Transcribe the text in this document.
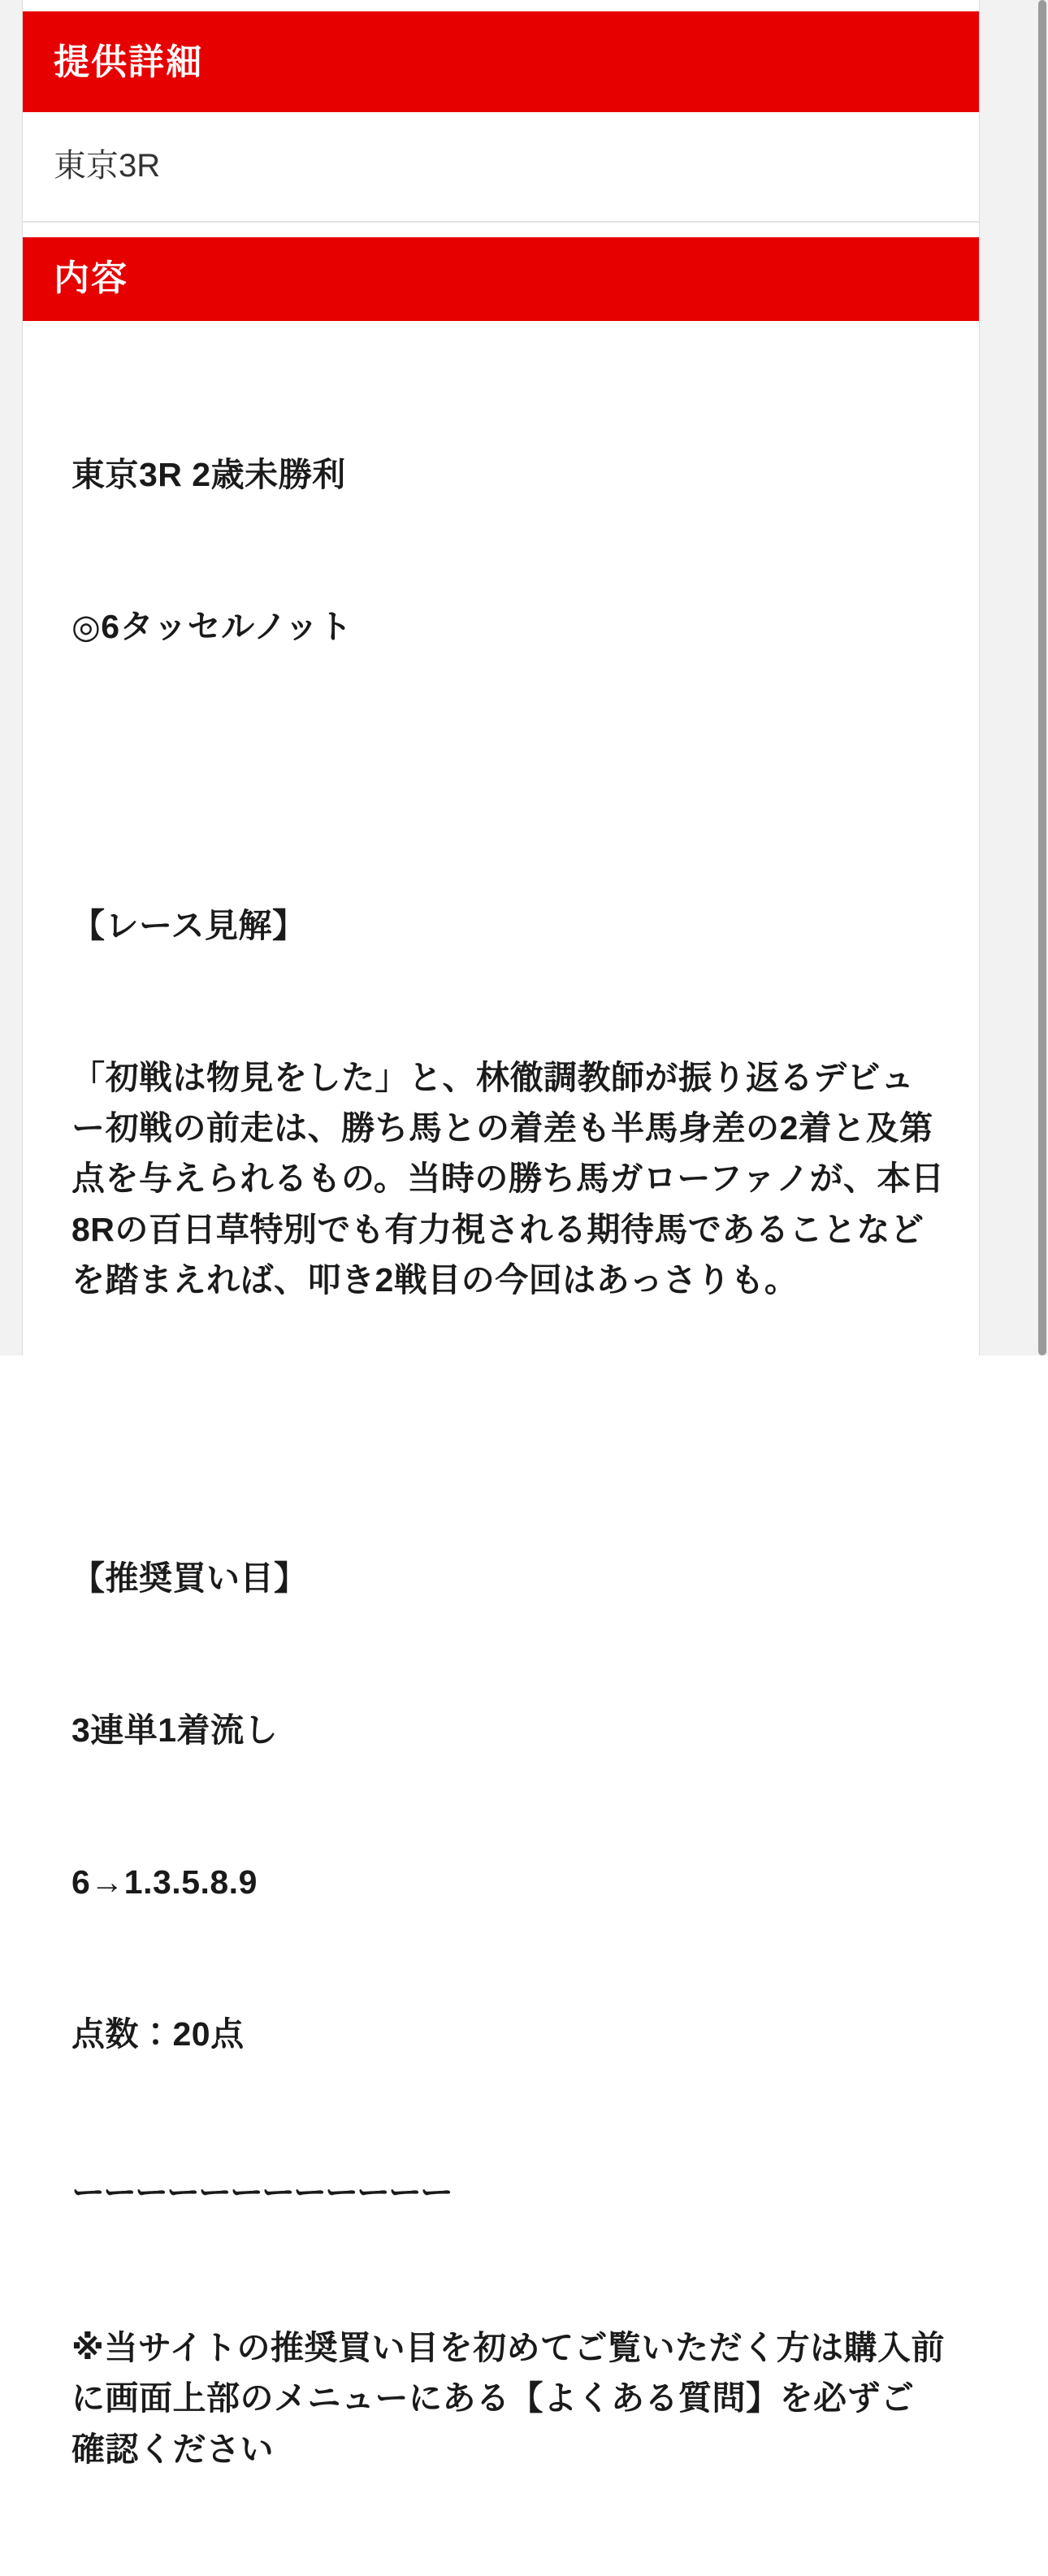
提供詳細
東京3R
内容

東京3R 2歳未勝利

◎6タッセルノット

【レース見解】

「初戦は物見をした」と、林徹調教師が振り返るデビュー初戦の前走は、勝ち馬との着差も半馬身差の2着と及第点を与えられるもの。当時の勝ち馬ガローファノが、本日8Rの百日草特別でも有力視される期待馬であることなどを踏まえれば、叩き2戦目の今回はあっさりも。

【推奨買い目】

3連単1着流し

6→1.3.5.8.9

点数：20点

ーーーーーーーーーーーー

※当サイトの推奨買い目を初めてご覧いただく方は購入前に画面上部のメニューにある【よくある質問】を必ずご確認ください
